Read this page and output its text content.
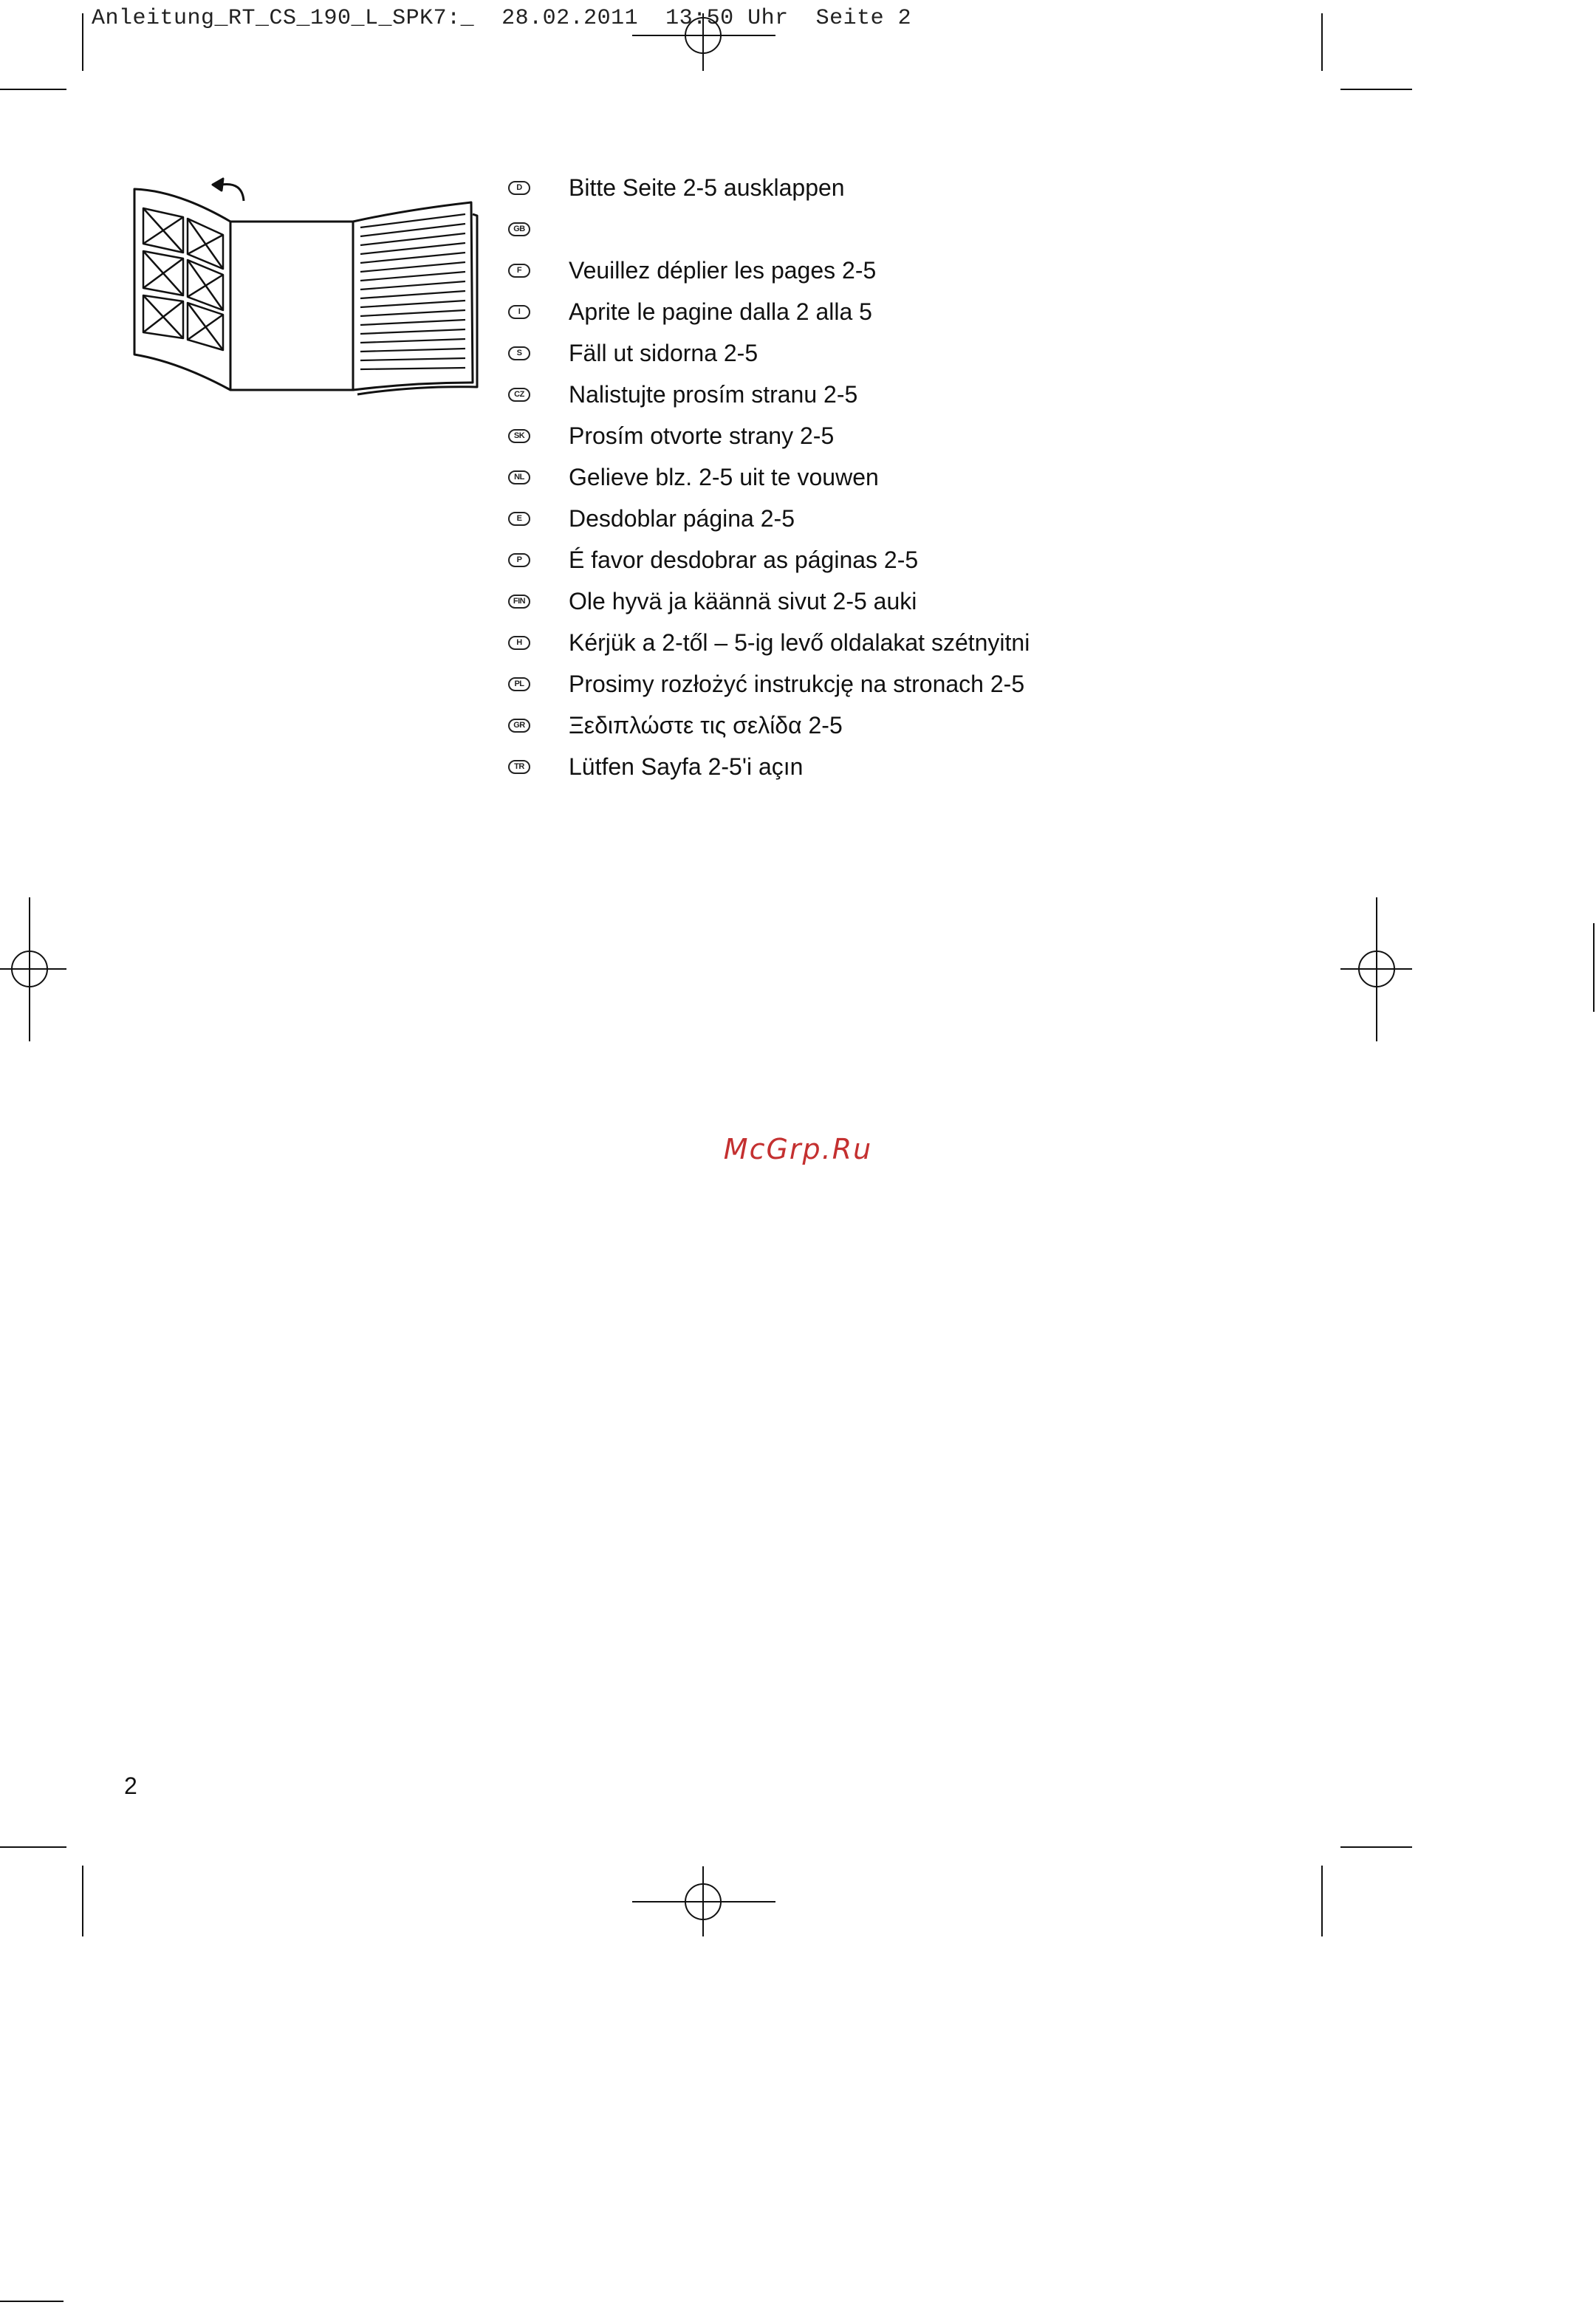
Anleitung_RT_CS_190_L_SPK7:_  28.02.2011  13:50 Uhr  Seite 2
D	Bitte Seite 2-5 ausklappen
GB
F	Veuillez déplier les pages 2-5
I	Aprite le pagine dalla 2 alla 5
S	Fäll ut sidorna 2-5
CZ Nalistujte prosím stranu 2-5
SK Prosím otvorte strany 2-5
NL Gelieve blz. 2-5 uit te vouwen
E	Desdoblar página 2-5
P	É favor desdobrar as páginas 2-5
FIN Ole hyvä ja käännä sivut 2-5 auki
H	Kérjük a 2-től – 5-ig levő oldalakat szétnyitni
PL Prosimy rozłożyć instrukcję na stronach 2-5
GR Ξεδιπλώστε τις σελίδα 2-5
TR Lütfen Sayfa 2-5'i açın
McGrp.Ru
2
